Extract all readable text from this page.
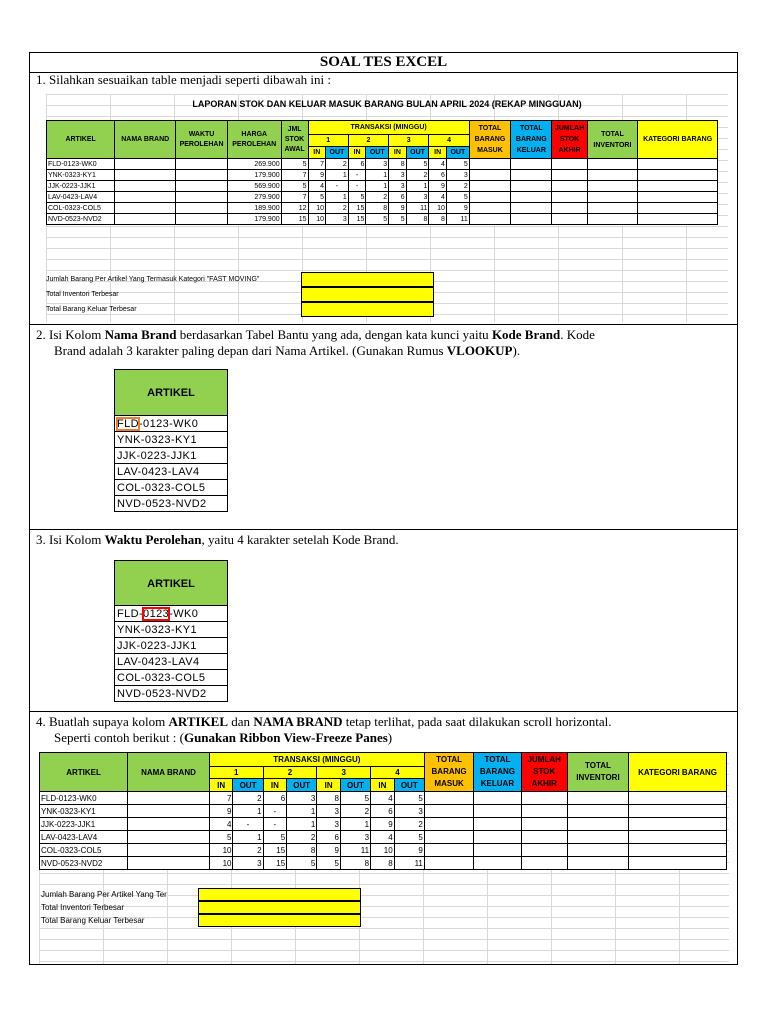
SOAL TES EXCEL
1. Silahkan sesuaikan table menjadi seperti dibawah ini :
LAPORAN STOK DAN KELUAR MASUK BARANG BULAN APRIL 2024 (REKAP MINGGUAN)
ARTIKEL	NAMA BRAND	WAKTU PEROLEHAN	HARGA PEROLEHAN	JML STOK AWAL	TRANSAKSI (MINGGU)								TOTAL BARANG MASUK	TOTAL BARANG KELUAR	JUMLAH STOK AKHIR	TOTAL INVENTORI	KATEGORI BARANG
					1		2		3		4						
					IN	OUT	IN	OUT	IN	OUT	IN	OUT					
FLD-0123-WK0			269.900	5	7	2	6	3	8	5	4	5					
YNK-0323-KY1			179.900	7	9	1	-	1	3	2	6	3					
JJK-0223-JJK1			569.900	5	4	-	-	1	3	1	9	2					
LAV-0423-LAV4			279.900	7	5	1	5	2	6	3	4	5					
COL-0323-COL5			189.900	12	10	2	15	8	9	11	10	9					
NVD-0523-NVD2			179.900	15	10	3	15	5	5	8	8	11					
Jumlah Barang Per Artikel Yang Termasuk Kategori "FAST MOVING"
Total Inventori Terbesar
Total Barang Keluar Terbesar
2. Isi Kolom Nama Brand berdasarkan Tabel Bantu yang ada, dengan kata kunci yaitu Kode Brand. Kode
Brand adalah 3 karakter paling depan dari Nama Artikel. (Gunakan Rumus VLOOKUP).
ARTIKEL
FLD-0123-WK0
YNK-0323-KY1
JJK-0223-JJK1
LAV-0423-LAV4
COL-0323-COL5
NVD-0523-NVD2
3. Isi Kolom Waktu Perolehan, yaitu 4 karakter setelah Kode Brand.
ARTIKEL
FLD-0123-WK0
YNK-0323-KY1
JJK-0223-JJK1
LAV-0423-LAV4
COL-0323-COL5
NVD-0523-NVD2
4. Buatlah supaya kolom ARTIKEL dan NAMA BRAND tetap terlihat, pada saat dilakukan scroll horizontal.
Seperti contoh berikut : (Gunakan Ribbon View-Freeze Panes)
ARTIKEL	NAMA BRAND	TRANSAKSI (MINGGU)								TOTAL BARANG MASUK	TOTAL BARANG KELUAR	JUMLAH STOK AKHIR	TOTAL INVENTORI	KATEGORI BARANG
		1		2		3		4						
		IN	OUT	IN	OUT	IN	OUT	IN	OUT					
FLD-0123-WK0		7	2	6	3	8	5	4	5					
YNK-0323-KY1		9	1	-	1	3	2	6	3					
JJK-0223-JJK1		4	-	-	1	3	1	9	2					
LAV-0423-LAV4		5	1	5	2	6	3	4	5					
COL-0323-COL5		10	2	15	8	9	11	10	9					
NVD-0523-NVD2		10	3	15	5	5	8	8	11					
Jumlah Barang Per Artikel Yang Ter
Total Inventori Terbesar
Total Barang Keluar Terbesar
